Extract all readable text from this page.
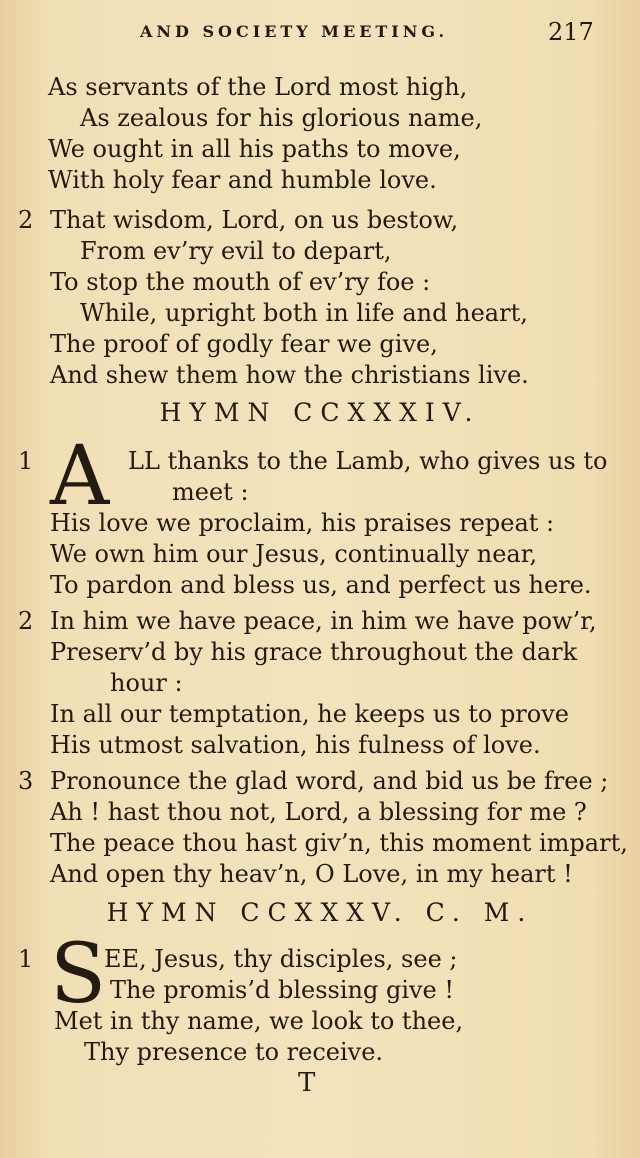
AND SOCIETY MEETING.	217
As servants of the Lord most high,
As zealous for his glorious name,
We ought in all his paths to move,
With holy fear and humble love.
2 That wisdom, Lord, on us bestow,
From ev’ry evil to depart,
To stop the mouth of ev’ry foe :
While, upright both in life and heart,
The proof of godly fear we give,
And shew them how the christians live.
HYMN CCXXXIV.
1 A LL thanks to the Lamb, who gives us to
meet :
His love we proclaim, his praises repeat :
We own him our Jesus, continually near,
To pardon and bless us, and perfect us here.
2 In him we have peace, in him we have pow’r,
Preserv’d by his grace throughout the dark
hour :
In all our temptation, he keeps us to prove
His utmost salvation, his fulness of love.
3 Pronounce the glad word, and bid us be free ;
Ah ! hast thou not, Lord, a blessing for me ?
The peace thou hast giv’n, this moment impart,
And open thy heav’n, O Love, in my heart !
HYMN CCXXXV. C. M.
1 S
EE, Jesus, thy disciples, see ;
The promis’d blessing give !
Met in thy name, we look to thee,
Thy presence to receive.
T
